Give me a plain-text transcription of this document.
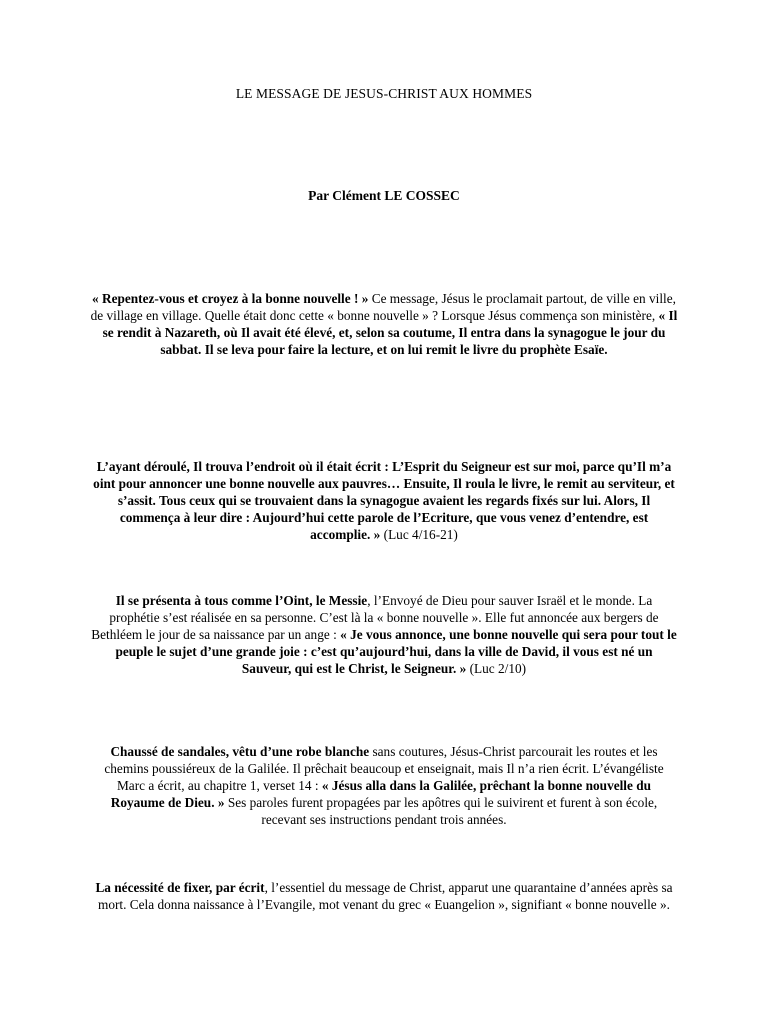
LE MESSAGE DE JESUS-CHRIST AUX HOMMES
Par Clément LE COSSEC

« Repentez-vous et croyez à la bonne nouvelle ! » Ce message, Jésus le proclamait partout, de ville en ville, de village en village. Quelle était donc cette « bonne nouvelle » ? Lorsque Jésus commença son ministère, « Il se rendit à Nazareth, où Il avait été élevé, et, selon sa coutume, Il entra dans la synagogue le jour du sabbat. Il se leva pour faire la lecture, et on lui remit le livre du prophète Esaïe.

L’ayant déroulé, Il trouva l’endroit où il était écrit : L’Esprit du Seigneur est sur moi, parce qu’Il m’a oint pour annoncer une bonne nouvelle aux pauvres… Ensuite, Il roula le livre, le remit au serviteur, et s’assit. Tous ceux qui se trouvaient dans la synagogue avaient les regards fixés sur lui. Alors, Il commença à leur dire : Aujourd’hui cette parole de l’Ecriture, que vous venez d’entendre, est accomplie. » (Luc 4/16-21)

Il se présenta à tous comme l’Oint, le Messie, l’Envoyé de Dieu pour sauver Israël et le monde. La prophétie s’est réalisée en sa personne. C’est là la « bonne nouvelle ». Elle fut annoncée aux bergers de Bethléem le jour de sa naissance par un ange : « Je vous annonce, une bonne nouvelle qui sera pour tout le peuple le sujet d’une grande joie : c’est qu’aujourd’hui, dans la ville de David, il vous est né un Sauveur, qui est le Christ, le Seigneur. » (Luc 2/10)

Chaussé de sandales, vêtu d’une robe blanche sans coutures, Jésus-Christ parcourait les routes et les chemins poussiéreux de la Galilée. Il prêchait beaucoup et enseignait, mais Il n’a rien écrit. L’évangéliste Marc a écrit, au chapitre 1, verset 14 : « Jésus alla dans la Galilée, prêchant la bonne nouvelle du Royaume de Dieu. » Ses paroles furent propagées par les apôtres qui le suivirent et furent à son école, recevant ses instructions pendant trois années.

La nécessité de fixer, par écrit, l’essentiel du message de Christ, apparut une quarantaine d’années après sa mort. Cela donna naissance à l’Evangile, mot venant du grec « Euangelion », signifiant « bonne nouvelle ».
